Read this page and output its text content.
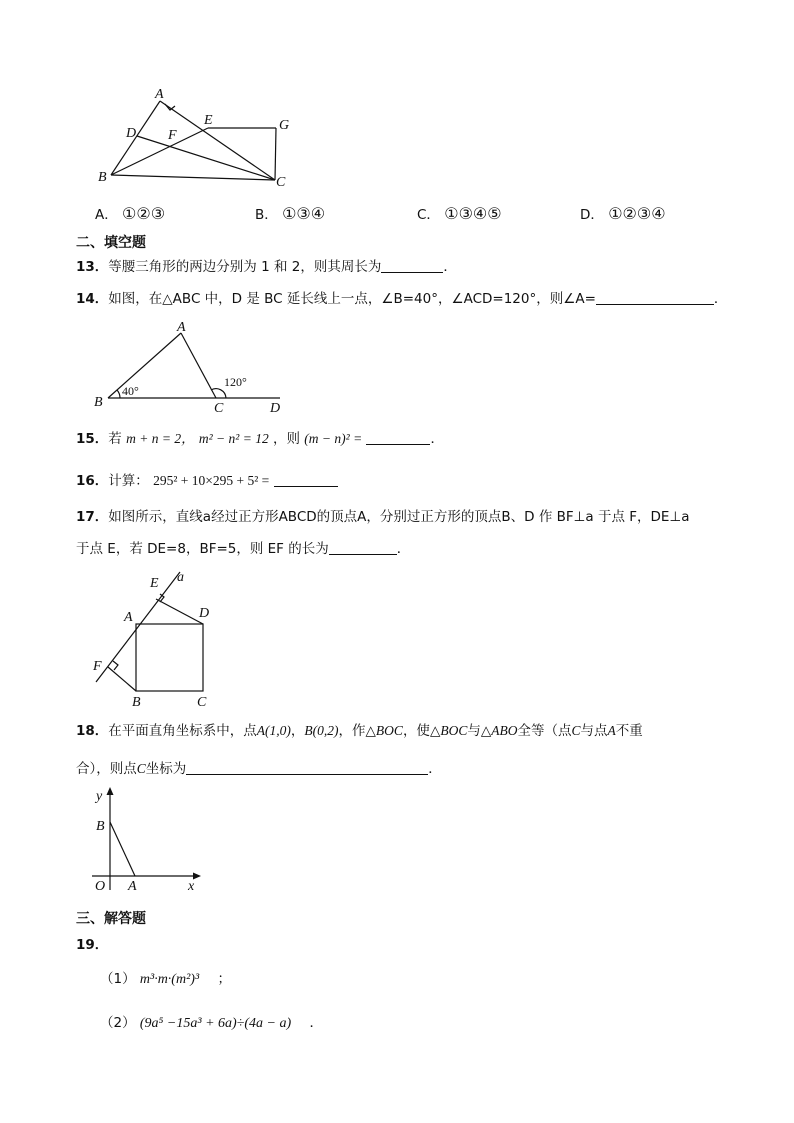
A
B	C
D
E
F
G
A． ①②③	B． ①③④	C． ①③④⑤	D． ①②③④
二、填空题
13．等腰三角形的两边分别为 1 和 2，则其周长为	．
14．如图，在△ABC 中，D 是 BC 延长线上一点，∠B=40°，∠ACD=120°，则∠A=	．
A
B	C	D
40°
120°
15．若 m + n = 2， m² − n² = 12 ，则 (m − n)² =	．
16．计算： 295² + 10×295 + 5² =
17．如图所示，直线a经过正方形ABCD的顶点A，分别过正方形的顶点B、D 作 BF⊥a 于点 F，DE⊥a
于点 E，若 DE=8，BF=5，则 EF 的长为	．
E a
A	D
F
B	C
18．在平面直角坐标系中，点A(1,0)，B(0,2)，作△BOC，使△BOC与△ABO全等（点C与点A不重
合），则点C坐标为	．
y
x
B
O A
三、解答题
19．
（1） m³·m·(m²)³ ；
（2） (9a⁵ −15a³ + 6a)÷(4a − a) ．
